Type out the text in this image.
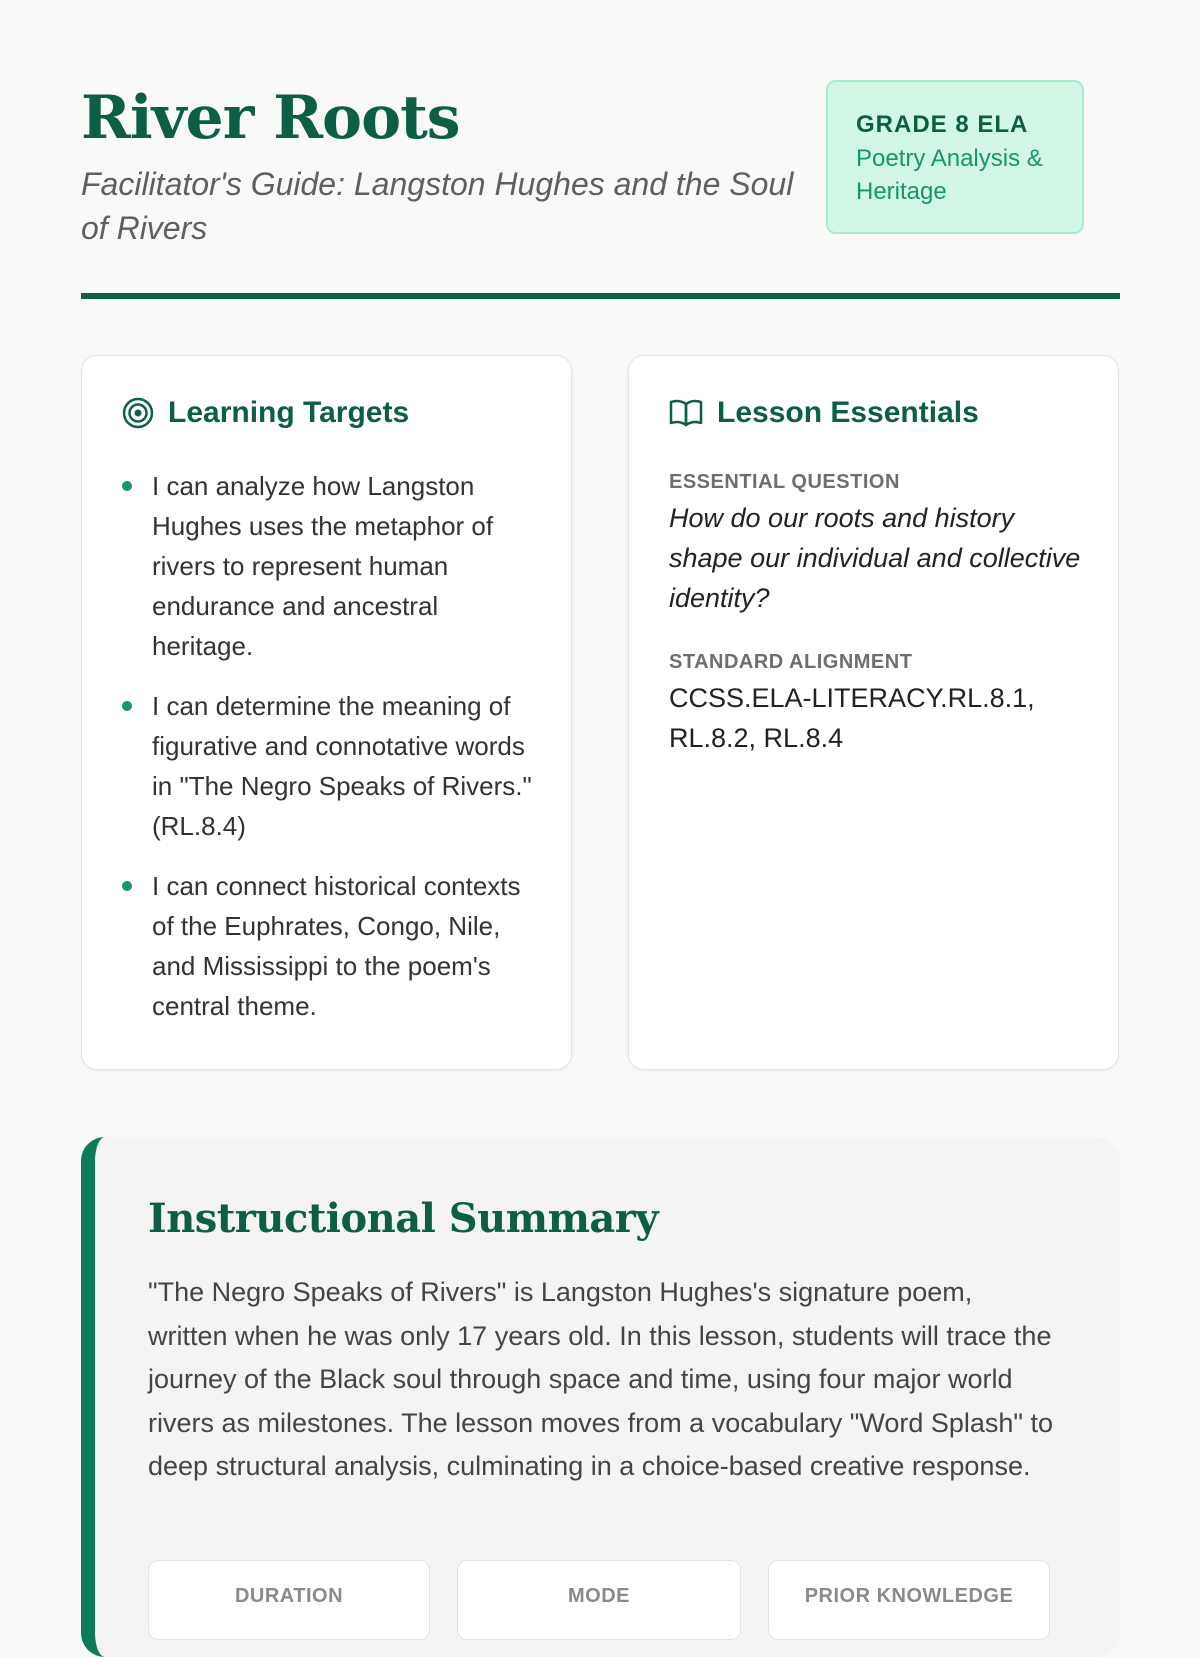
River Roots

Facilitator's Guide: Langston Hughes and the Soul of Rivers

GRADE 8 ELA
Poetry Analysis & Heritage
Learning Targets
I can analyze how Langston Hughes uses the metaphor of rivers to represent human endurance and ancestral heritage.
I can determine the meaning of figurative and connotative words in "The Negro Speaks of Rivers." (RL.8.4)
I can connect historical contexts of the Euphrates, Congo, Nile, and Mississippi to the poem's central theme.
Lesson Essentials
ESSENTIAL QUESTION

How do our roots and history shape our individual and collective identity?

STANDARD ALIGNMENT
CCSS.ELA-LITERACY.RL.8.1, RL.8.2, RL.8.4
Instructional Summary

"The Negro Speaks of Rivers" is Langston Hughes's signature poem, written when he was only 17 years old. In this lesson, students will trace the journey of the Black soul through space and time, using four major world rivers as milestones. The lesson moves from a vocabulary "Word Splash" to deep structural analysis, culminating in a choice-based creative response.

DURATION	MODE	PRIOR KNOWLEDGE
